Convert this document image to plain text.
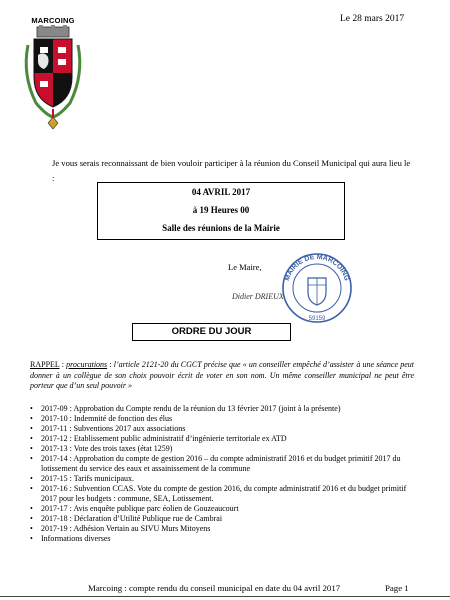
Le 28 mars 2017
MARCOING
Je vous serais reconnaissant de bien vouloir participer à la réunion du Conseil Municipal qui aura lieu le :
04 AVRIL 2017
à 19 Heures 00
Salle des réunions de la Mairie
Le Maire,
Didier DRIEUX
MAIRIE DE MARCOING
59159
ORDRE DU JOUR
RAPPEL : procurations : l’article 2121-20 du CGCT précise que « un conseiller empêché d’assister à une séance peut donner à un collègue de son choix pouvoir écrit de voter en son nom. Un même conseiller municipal ne peut être porteur que d’un seul pouvoir »
• 2017-09 : Approbation du Compte rendu de la réunion du 13 février 2017 (joint à la présente)
• 2017-10 : Indemnité de fonction des élus
• 2017-11 : Subventions 2017 aux associations
• 2017-12 : Etablissement public administratif d’ingénierie territoriale ex ATD
• 2017-13 : Vote des trois taxes (état 1259)
• 2017-14 : Approbation du compte de gestion 2016 – du compte administratif 2016 et du budget primitif 2017 du lotissement du service des eaux et assainissement de la commune
• 2017-15 : Tarifs municipaux.
• 2017-16 : Subvention CCAS. Vote du compte de gestion 2016, du compte administratif 2016 et du budget primitif 2017 pour les budgets : commune, SEA, Lotissement.
• 2017-17 : Avis enquête publique parc éolien de Gouzeaucourt
• 2017-18 : Déclaration d’Utilité Publique rue de Cambrai
• 2017-19 : Adhésion Vertain au SIVU Murs Mitoyens
• Informations diverses
Marcoing : compte rendu du conseil municipal en date du 04 avril 2017	Page 1
